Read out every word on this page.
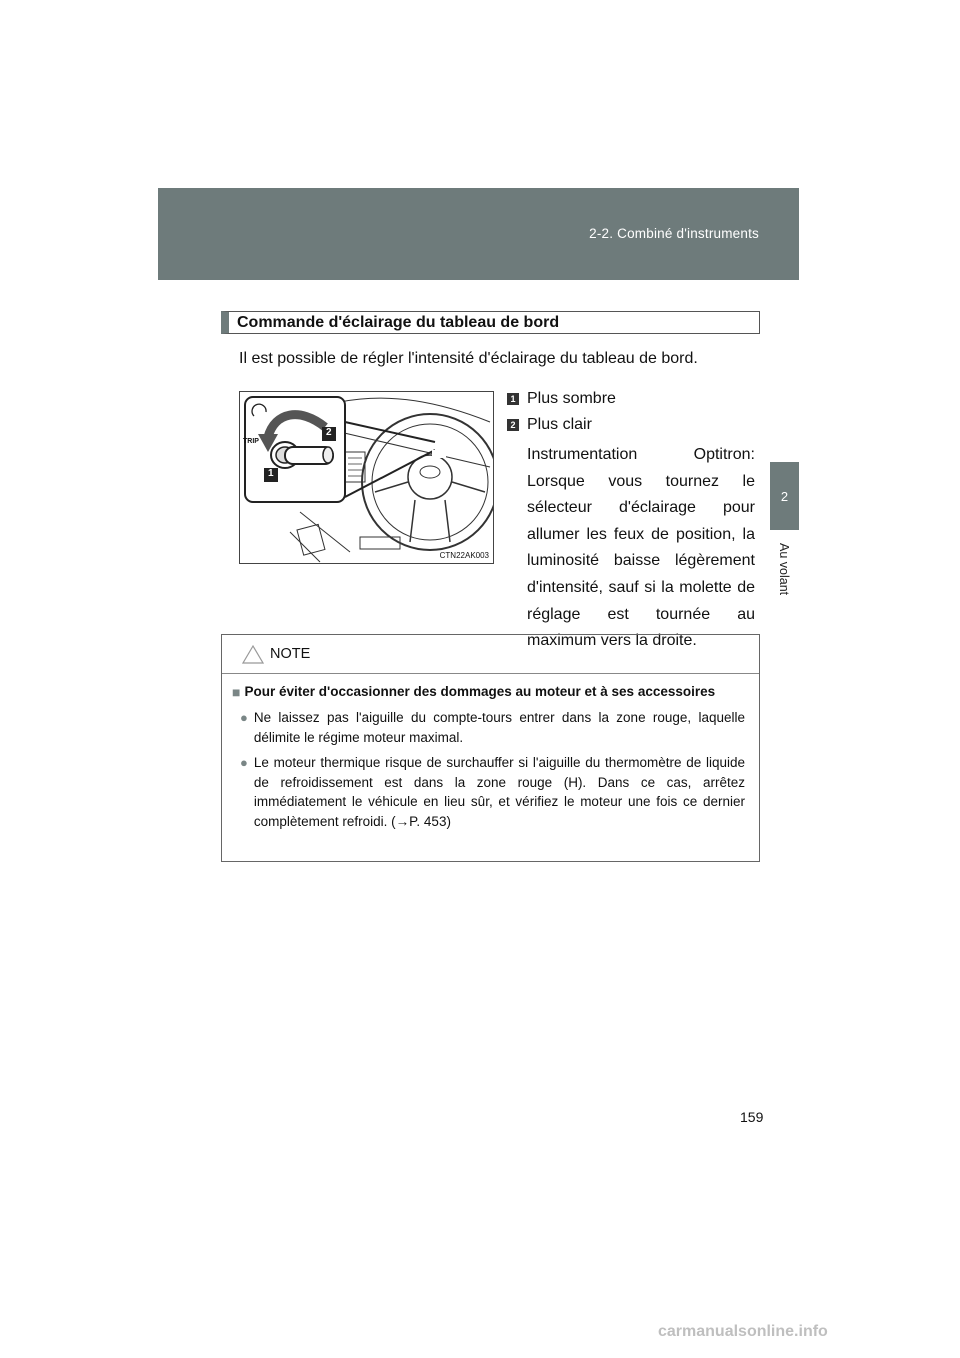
2-2. Combiné d'instruments
2
Au volant
Commande d'éclairage du tableau de bord
Il est possible de régler l'intensité d'éclairage du tableau de bord.
TRIP
2
1
CTN22AK003
1 Plus sombre
2 Plus clair
Instrumentation Optitron: Lorsque vous tournez le sélecteur d'éclairage pour allumer les feux de position, la luminosité baisse légèrement d'intensité, sauf si la molette de réglage est tournée au maximum vers la droite.
NOTE
■ Pour éviter d'occasionner des dommages au moteur et à ses accessoires
● Ne laissez pas l'aiguille du compte-tours entrer dans la zone rouge, laquelle délimite le régime moteur maximal.
● Le moteur thermique risque de surchauffer si l'aiguille du thermomètre de liquide de refroidissement est dans la zone rouge (H). Dans ce cas, arrêtez immédiatement le véhicule en lieu sûr, et vérifiez le moteur une fois ce dernier complètement refroidi. (→P. 453)
159
carmanualsonline.info
